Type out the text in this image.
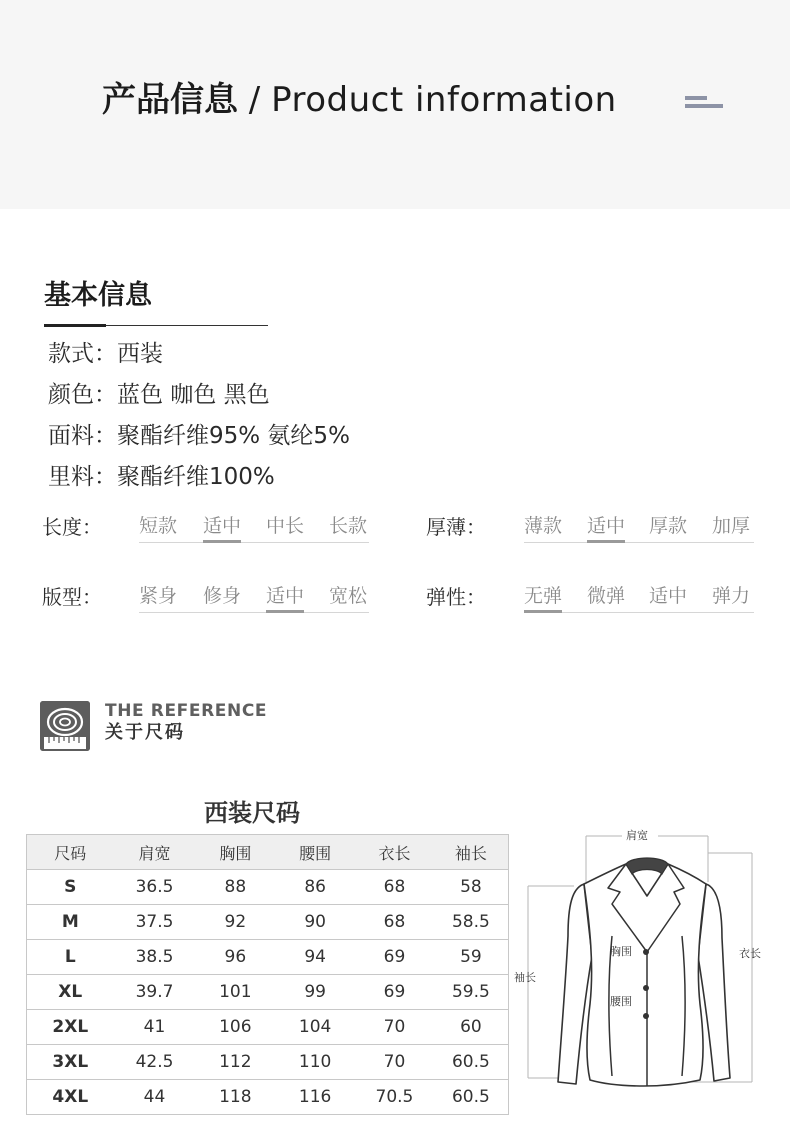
产品信息 / Product information
基本信息
款式：西装
颜色：蓝色 咖色 黑色
面料：聚酯纤维95% 氨纶5%
里料：聚酯纤维100%
长度： 短款 适中 中长 长款	厚薄： 薄款 适中 厚款 加厚
版型： 紧身 修身 适中 宽松	弹性： 无弹 微弹 适中 弹力
THE REFERENCE
关于尺码
西装尺码
尺码	肩宽	胸围	腰围	衣长	袖长
S	36.5	88	86	68	58
M	37.5	92	90	68	58.5
L	38.5	96	94	69	59
XL	39.7	101	99	69	59.5
2XL	41	106	104	70	60
3XL	42.5	112	110	70	60.5
4XL	44	118	116	70.5	60.5
肩宽
胸围
腰围
衣长
袖长
